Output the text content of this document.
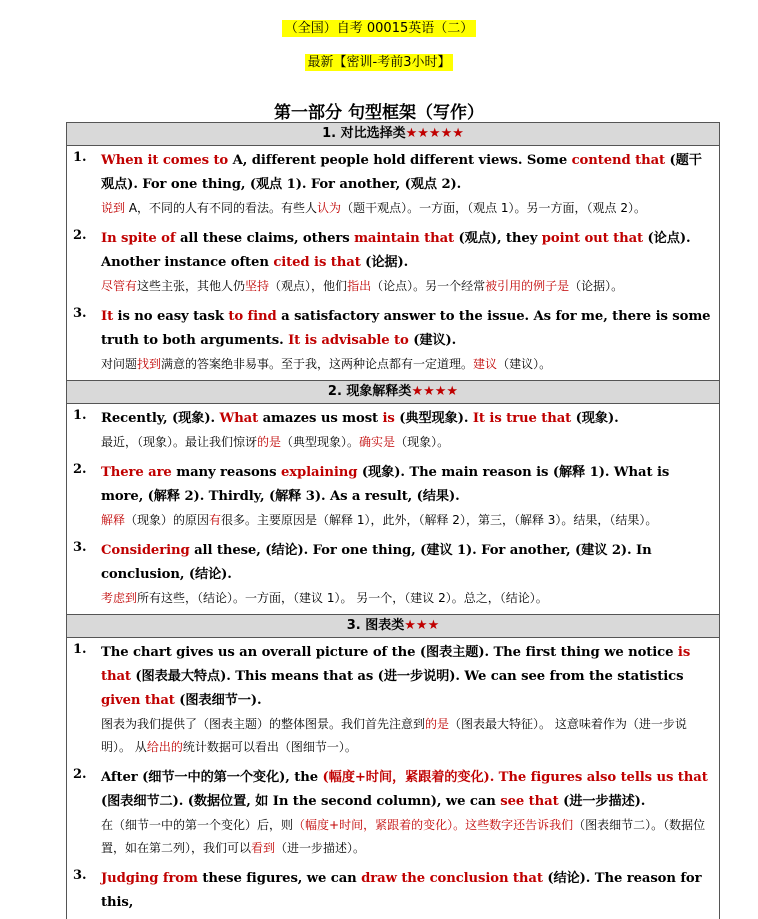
（全国）自考 00015英语（二）
最新【密训-考前3小时】
第一部分 句型框架（写作）
1. 对比选择类★★★★★
1. When it comes to A, different people hold different views. Some contend that (题干观点). For one thing, (观点 1). For another, (观点 2).
说到 A，不同的人有不同的看法。有些人认为（题干观点）。一方面，（观点 1）。另一方面，（观点 2）。
2. In spite of all these claims, others maintain that (观点), they point out that (论点). Another instance often cited is that (论据).
尽管有这些主张，其他人仍坚持（观点），他们指出（论点）。另一个经常被引用的例子是（论据）。
3. It is no easy task to find a satisfactory answer to the issue. As for me, there is some truth to both arguments. It is advisable to (建议).
对问题找到满意的答案绝非易事。至于我，这两种论点都有一定道理。建议（建议）。
2. 现象解释类★★★★
1. Recently, (现象). What amazes us most is (典型现象). It is true that (现象).
最近，（现象）。最让我们惊讶的是（典型现象）。确实是（现象）。
2. There are many reasons explaining (现象). The main reason is (解释 1). What is more, (解释 2). Thirdly, (解释 3). As a result, (结果).
解释（现象）的原因有很多。主要原因是（解释 1），此外，（解释 2），第三，（解释 3）。结果，（结果）。
3. Considering all these, (结论). For one thing, (建议 1). For another, (建议 2). In conclusion, (结论).
考虑到所有这些，（结论）。一方面，（建议 1）。 另一个，（建议 2）。总之，（结论）。
3. 图表类★★★
1. The chart gives us an overall picture of the (图表主题). The first thing we notice is that (图表最大特点). This means that as (进一步说明). We can see from the statistics given that (图表细节一).
图表为我们提供了（图表主题）的整体图景。我们首先注意到的是（图表最大特征）。 这意味着作为（进一步说明）。 从给出的统计数据可以看出（图细节一）。
2. After (细节一中的第一个变化), the (幅度+时间，紧跟着的变化). The figures also tells us that (图表细节二). (数据位置, 如 In the second column), we can see that (进一步描述).
在（细节一中的第一个变化）后，则（幅度+时间，紧跟着的变化）。这些数字还告诉我们（图表细节二）。（数据位置，如在第二列），我们可以看到（进一步描述）。
3. Judging from these figures, we can draw the conclusion that (结论). The reason for this,
